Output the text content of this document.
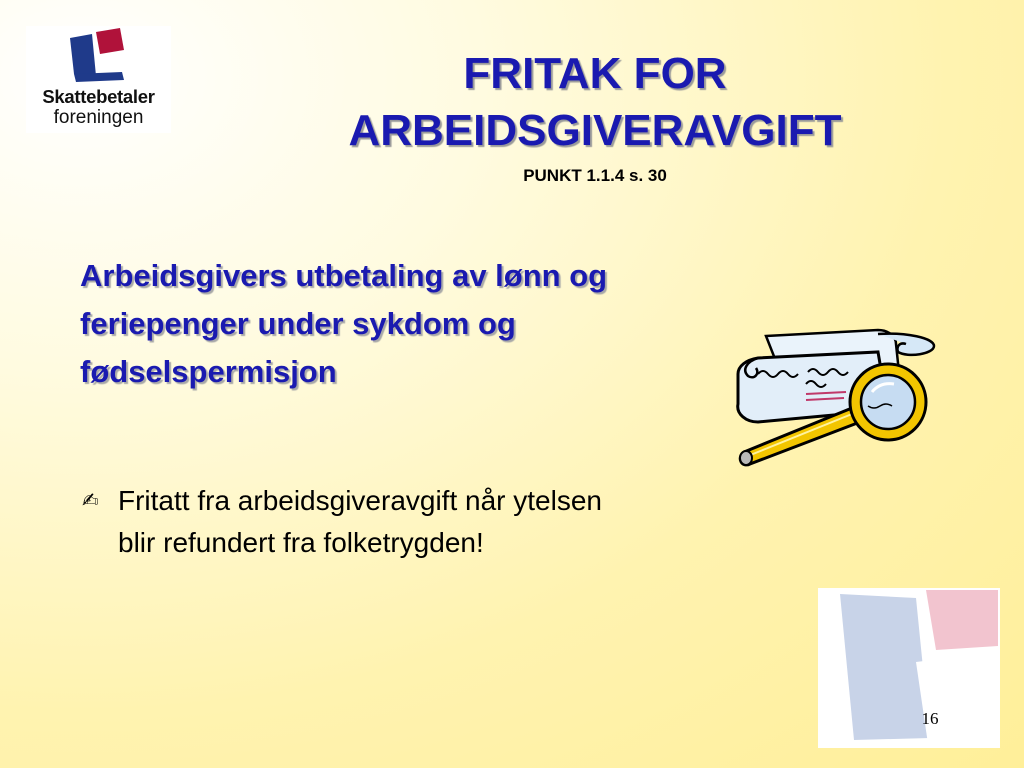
Skattebetaler
foreningen
FRITAK FOR
ARBEIDSGIVERAVGIFT
PUNKT 1.1.4 s. 30
Arbeidsgivers utbetaling av lønn og
feriepenger under sykdom og
fødselspermisjon
✍ Fritatt fra arbeidsgiveravgift når ytelsen
blir refundert fra folketrygden!
16
